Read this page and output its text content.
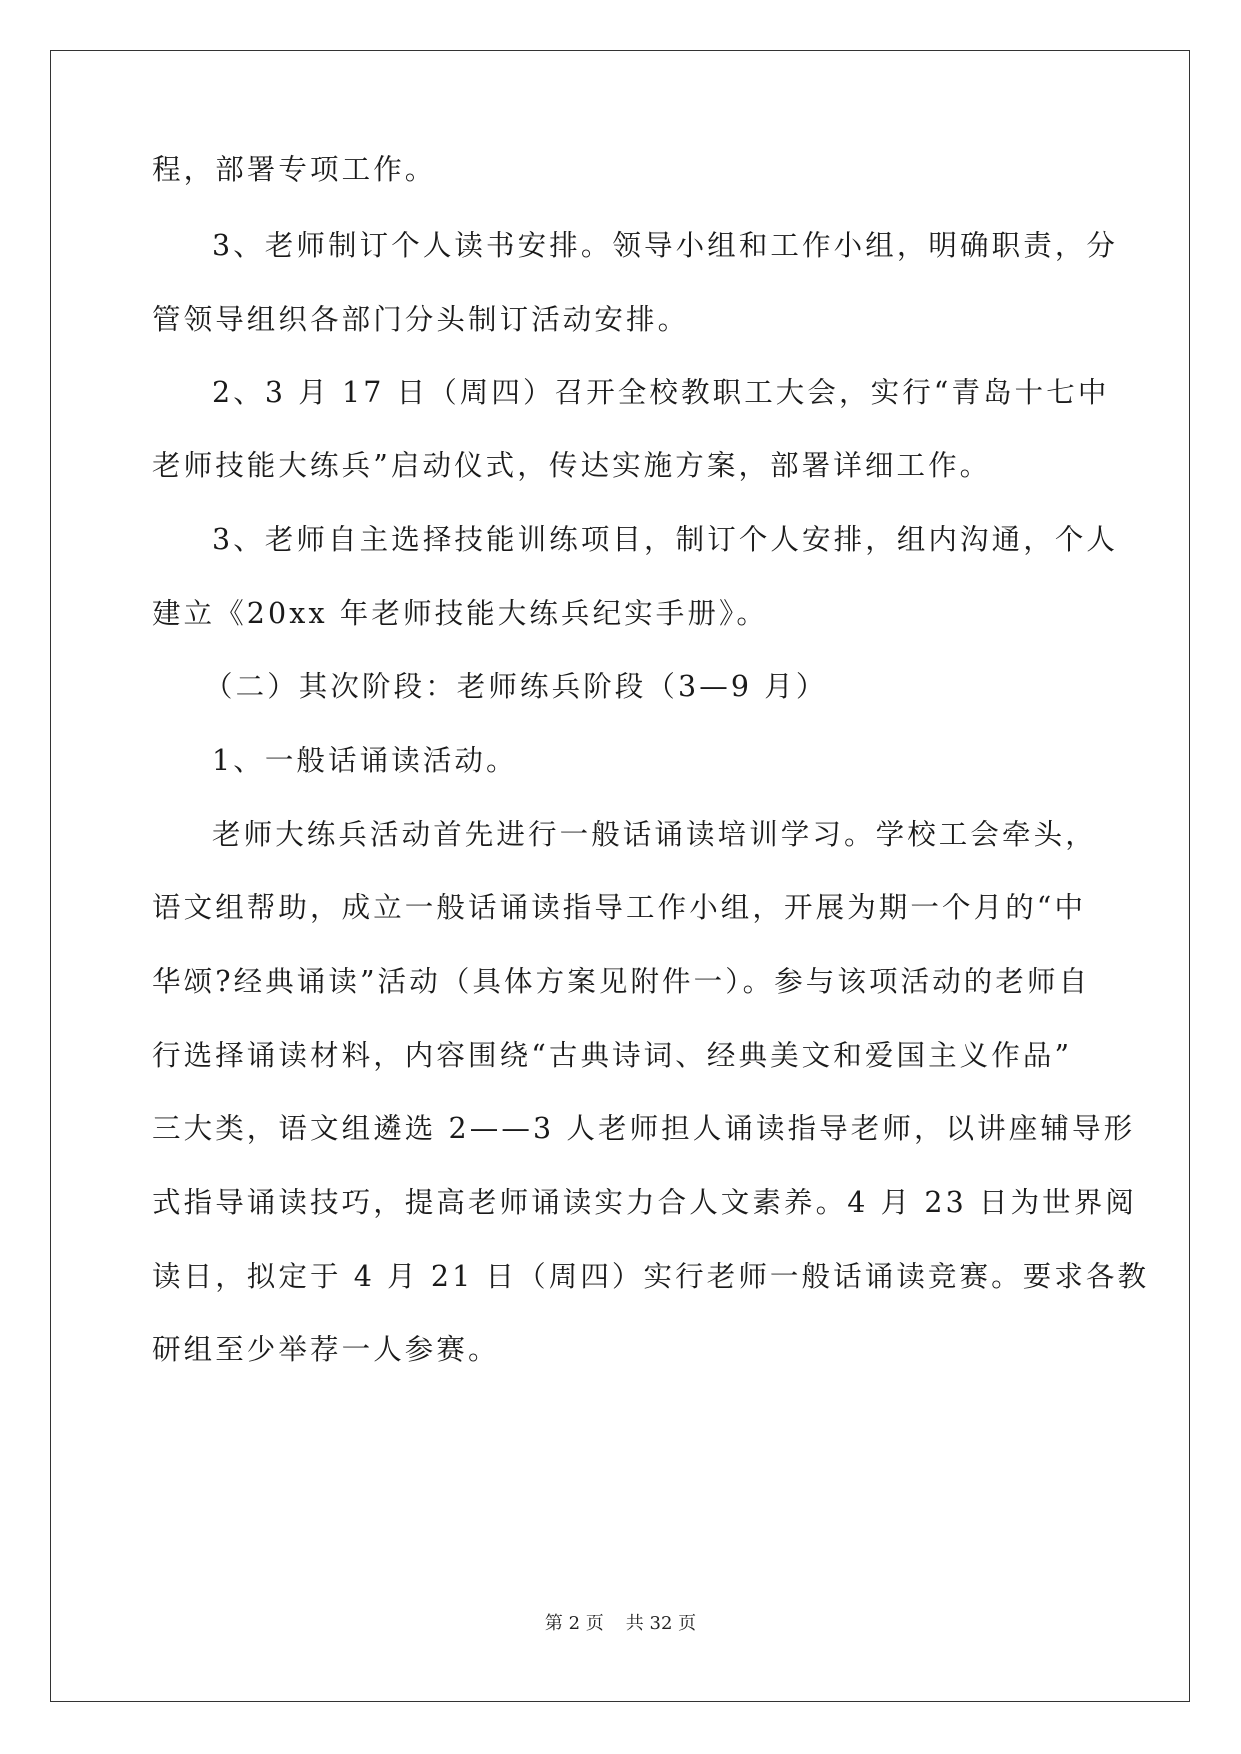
程，部署专项工作。
3、老师制订个人读书安排。领导小组和工作小组，明确职责，分
管领导组织各部门分头制订活动安排。
2、3 月 17 日（周四）召开全校教职工大会，实行“青岛十七中
老师技能大练兵”启动仪式，传达实施方案，部署详细工作。
3、老师自主选择技能训练项目，制订个人安排，组内沟通，个人
建立《20xx 年老师技能大练兵纪实手册》。
（二）其次阶段：老师练兵阶段（3—9 月）
1、一般话诵读活动。
老师大练兵活动首先进行一般话诵读培训学习。学校工会牵头，
语文组帮助，成立一般话诵读指导工作小组，开展为期一个月的“中
华颂?经典诵读”活动（具体方案见附件一）。参与该项活动的老师自
行选择诵读材料，内容围绕“古典诗词、经典美文和爱国主义作品”
三大类，语文组遴选 2——3 人老师担人诵读指导老师，以讲座辅导形
式指导诵读技巧，提高老师诵读实力合人文素养。4 月 23 日为世界阅
读日，拟定于 4 月 21 日（周四）实行老师一般话诵读竞赛。要求各教
研组至少举荐一人参赛。
第 2 页 共 32 页
